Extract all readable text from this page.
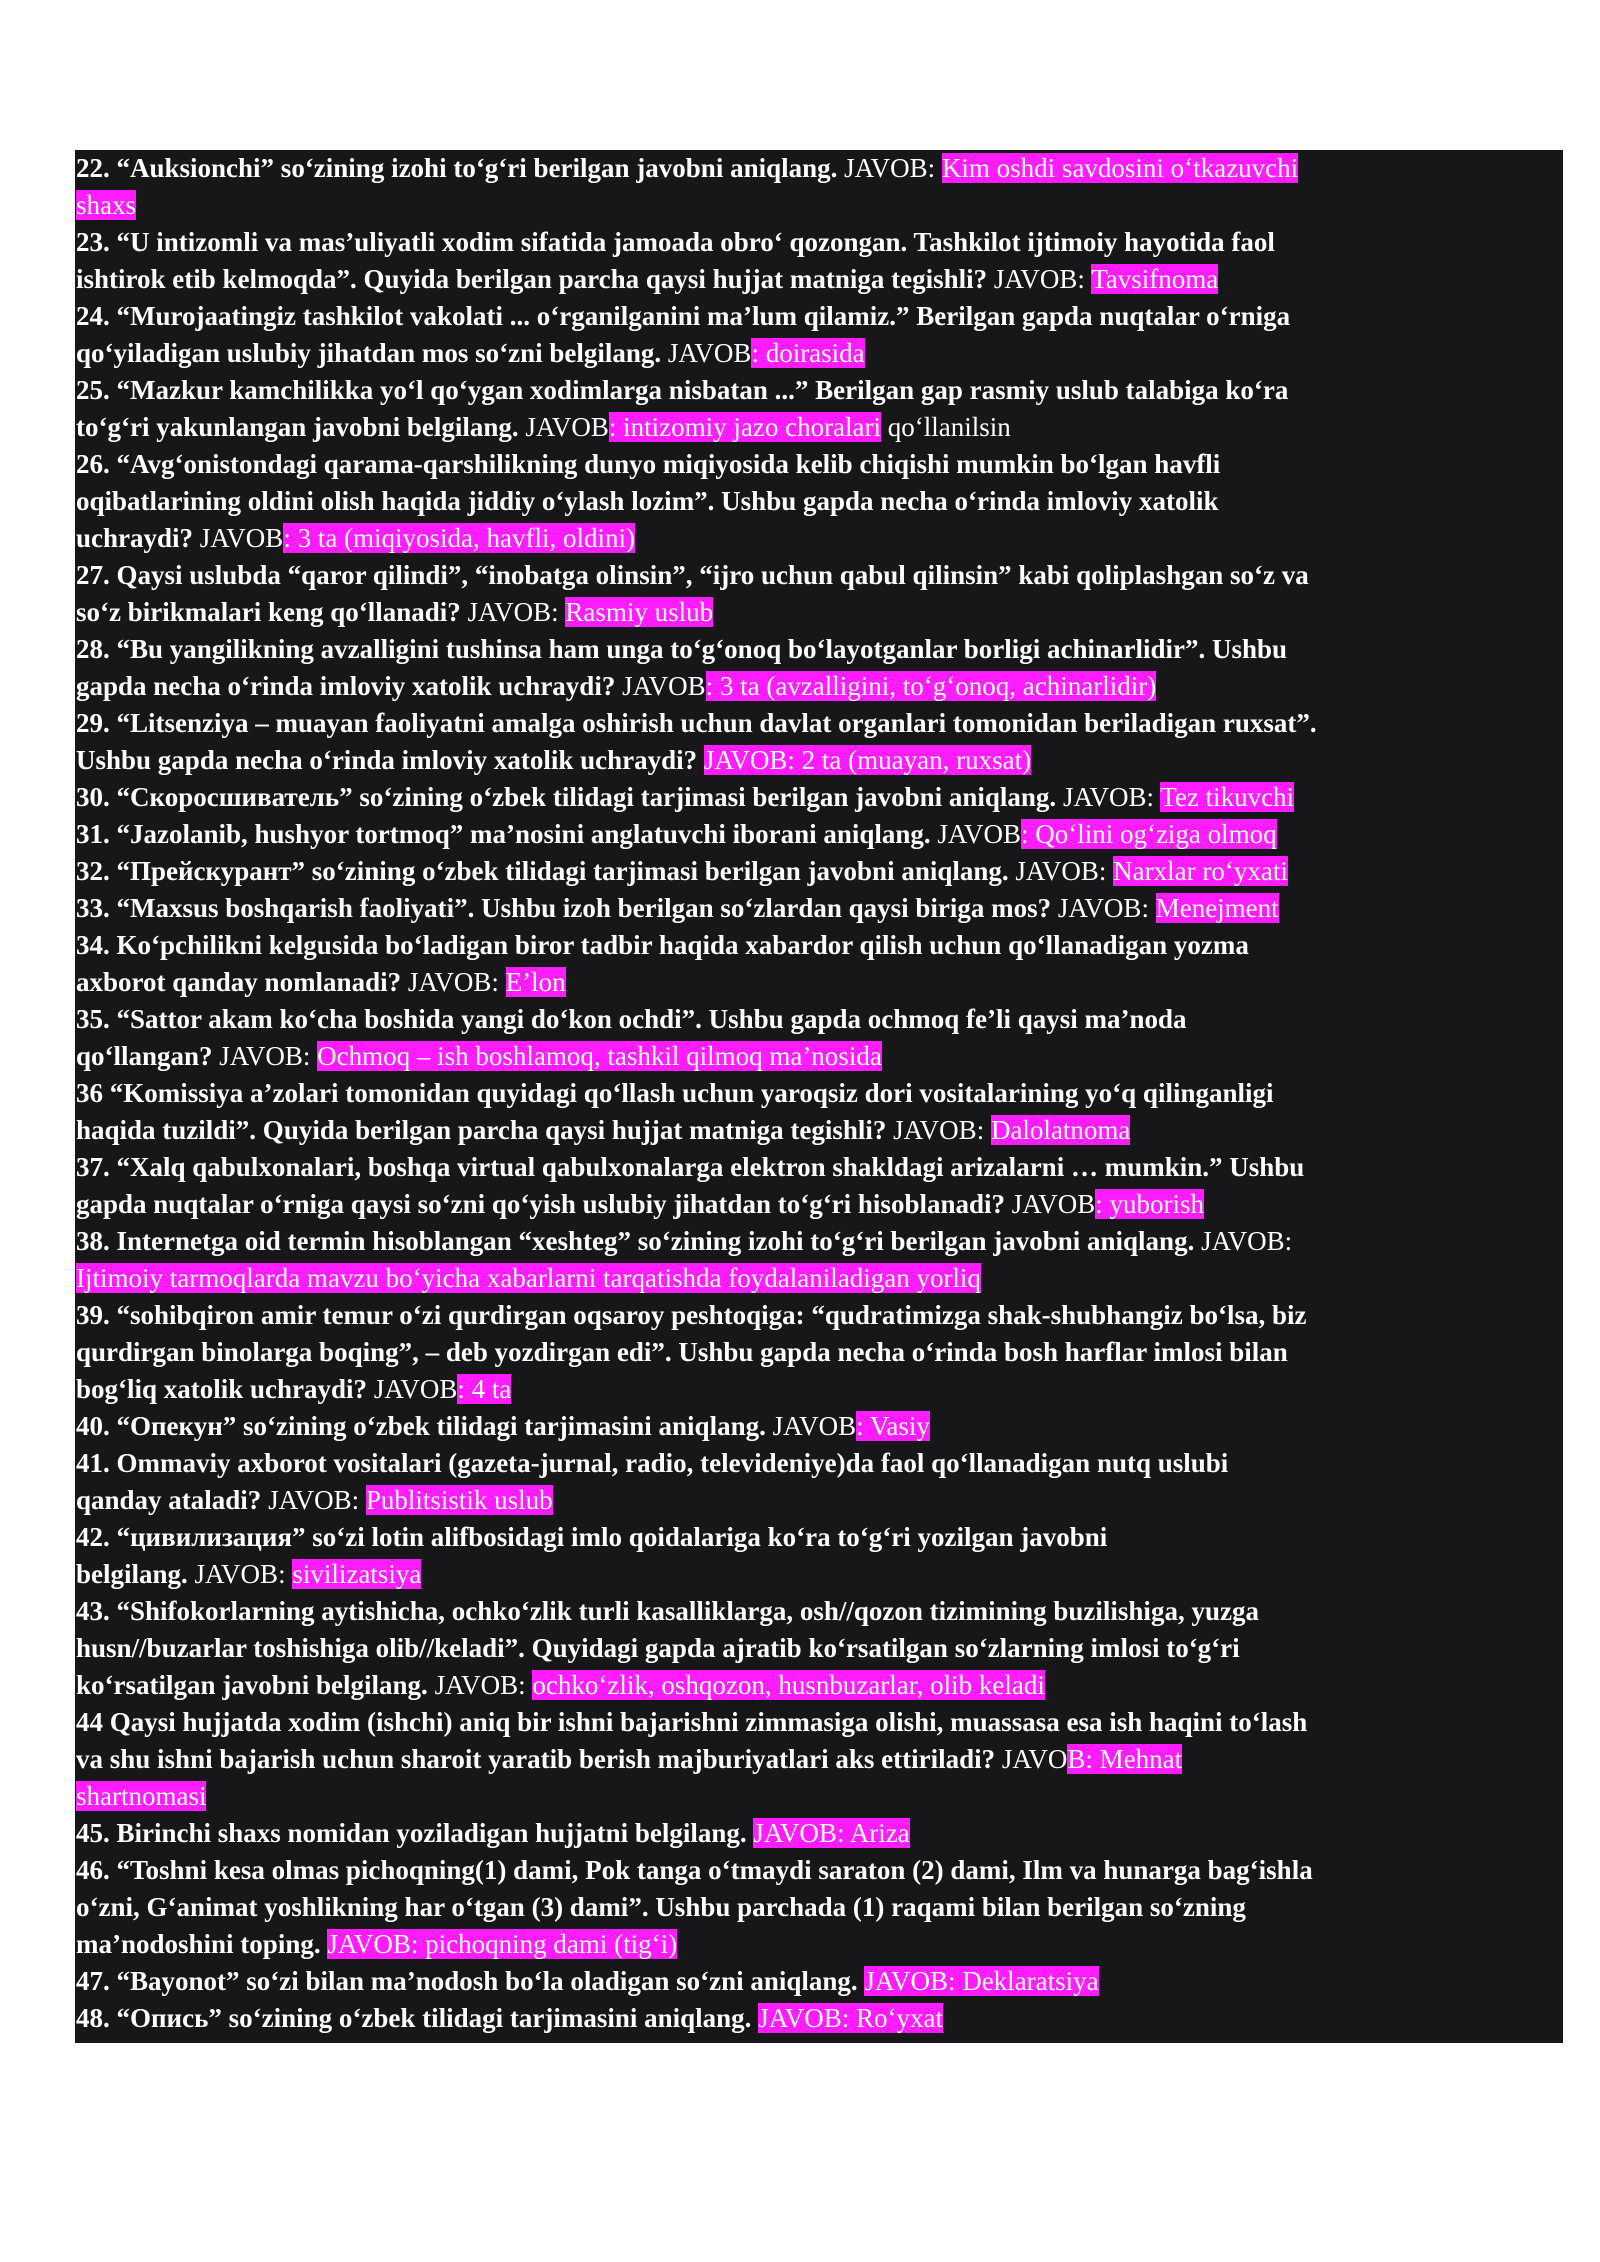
22. “Auksionchi” so‘zining izohi to‘g‘ri berilgan javobni aniqlang. JAVOB: Kim oshdi savdosini o‘tkazuvchi
shaxs
23. “U intizomli va mas’uliyatli xodim sifatida jamoada obro‘ qozongan. Tashkilot ijtimoiy hayotida faol
ishtirok etib kelmoqda”. Quyida berilgan parcha qaysi hujjat matniga tegishli? JAVOB: Tavsifnoma
24. “Murojaatingiz tashkilot vakolati ... o‘rganilganini ma’lum qilamiz.” Berilgan gapda nuqtalar o‘rniga
qo‘yiladigan uslubiy jihatdan mos so‘zni belgilang. JAVOB: doirasida
25. “Mazkur kamchilikka yo‘l qo‘ygan xodimlarga nisbatan ...” Berilgan gap rasmiy uslub talabiga ko‘ra
to‘g‘ri yakunlangan javobni belgilang. JAVOB: intizomiy jazo choralari qo‘llanilsin
26. “Avg‘onistondagi qarama-qarshilikning dunyo miqiyosida kelib chiqishi mumkin bo‘lgan havfli
oqibatlarining oldini olish haqida jiddiy o‘ylash lozim”. Ushbu gapda necha o‘rinda imloviy xatolik
uchraydi? JAVOB: 3 ta (miqiyosida, havfli, oldini)
27. Qaysi uslubda “qaror qilindi”, “inobatga olinsin”, “ijro uchun qabul qilinsin” kabi qoliplashgan so‘z va
so‘z birikmalari keng qo‘llanadi? JAVOB: Rasmiy uslub
28. “Bu yangilikning avzalligini tushinsa ham unga to‘g‘onoq bo‘layotganlar borligi achinarlidir”. Ushbu
gapda necha o‘rinda imloviy xatolik uchraydi? JAVOB: 3 ta (avzalligini, to‘g‘onoq, achinarlidir)
29. “Litsenziya – muayan faoliyatni amalga oshirish uchun davlat organlari tomonidan beriladigan ruxsat”.
Ushbu gapda necha o‘rinda imloviy xatolik uchraydi? JAVOB: 2 ta (muayan, ruxsat)
30. “Скоросшиватель” so‘zining o‘zbek tilidagi tarjimasi berilgan javobni aniqlang. JAVOB: Tez tikuvchi
31. “Jazolanib, hushyor tortmoq” ma’nosini anglatuvchi iborani aniqlang. JAVOB: Qo‘lini og‘ziga olmoq
32. “Прейскурант” so‘zining o‘zbek tilidagi tarjimasi berilgan javobni aniqlang. JAVOB: Narxlar ro‘yxati
33. “Maxsus boshqarish faoliyati”. Ushbu izoh berilgan so‘zlardan qaysi biriga mos? JAVOB: Menejment
34. Ko‘pchilikni kelgusida bo‘ladigan biror tadbir haqida xabardor qilish uchun qo‘llanadigan yozma
axborot qanday nomlanadi? JAVOB: E’lon
35. “Sattor akam ko‘cha boshida yangi do‘kon ochdi”. Ushbu gapda ochmoq fe’li qaysi ma’noda
qo‘llangan? JAVOB: Ochmoq – ish boshlamoq, tashkil qilmoq ma’nosida
36 “Komissiya a’zolari tomonidan quyidagi qo‘llash uchun yaroqsiz dori vositalarining yo‘q qilinganligi
haqida tuzildi”. Quyida berilgan parcha qaysi hujjat matniga tegishli? JAVOB: Dalolatnoma
37. “Xalq qabulxonalari, boshqa virtual qabulxonalarga elektron shakldagi arizalarni … mumkin.” Ushbu
gapda nuqtalar o‘rniga qaysi so‘zni qo‘yish uslubiy jihatdan to‘g‘ri hisoblanadi? JAVOB: yuborish
38. Internetga oid termin hisoblangan “xeshteg” so‘zining izohi to‘g‘ri berilgan javobni aniqlang. JAVOB:
Ijtimoiy tarmoqlarda mavzu bo‘yicha xabarlarni tarqatishda foydalaniladigan yorliq
39. “sohibqiron amir temur o‘zi qurdirgan oqsaroy peshtoqiga: “qudratimizga shak-shubhangiz bo‘lsa, biz
qurdirgan binolarga boqing”, – deb yozdirgan edi”. Ushbu gapda necha o‘rinda bosh harflar imlosi bilan
bog‘liq xatolik uchraydi? JAVOB: 4 ta
40. “Опекун” so‘zining o‘zbek tilidagi tarjimasini aniqlang. JAVOB: Vasiy
41. Ommaviy axborot vositalari (gazeta-jurnal, radio, televideniye)da faol qo‘llanadigan nutq uslubi
qanday ataladi? JAVOB: Publitsistik uslub
42. “цивилизация” so‘zi lotin alifbosidagi imlo qoidalariga ko‘ra to‘g‘ri yozilgan javobni
belgilang. JAVOB: sivilizatsiya
43. “Shifokorlarning aytishicha, ochko‘zlik turli kasalliklarga, osh//qozon tizimining buzilishiga, yuzga
husn//buzarlar toshishiga olib//keladi”. Quyidagi gapda ajratib ko‘rsatilgan so‘zlarning imlosi to‘g‘ri
ko‘rsatilgan javobni belgilang. JAVOB: ochko‘zlik, oshqozon, husnbuzarlar, olib keladi
44 Qaysi hujjatda xodim (ishchi) aniq bir ishni bajarishni zimmasiga olishi, muassasa esa ish haqini to‘lash
va shu ishni bajarish uchun sharoit yaratib berish majburiyatlari aks ettiriladi? JAVOB: Mehnat
shartnomasi
45. Birinchi shaxs nomidan yoziladigan hujjatni belgilang. JAVOB: Ariza
46. “Toshni kesa olmas pichoqning(1) dami, Pok tanga o‘tmaydi saraton (2) dami, Ilm va hunarga bag‘ishla
o‘zni, G‘animat yoshlikning har o‘tgan (3) dami”. Ushbu parchada (1) raqami bilan berilgan so‘zning
ma’nodoshini toping. JAVOB: pichoqning dami (tig‘i)
47. “Bayonot” so‘zi bilan ma’nodosh bo‘la oladigan so‘zni aniqlang. JAVOB: Deklaratsiya
48. “Опись” so‘zining o‘zbek tilidagi tarjimasini aniqlang. JAVOB: Ro‘yxat
